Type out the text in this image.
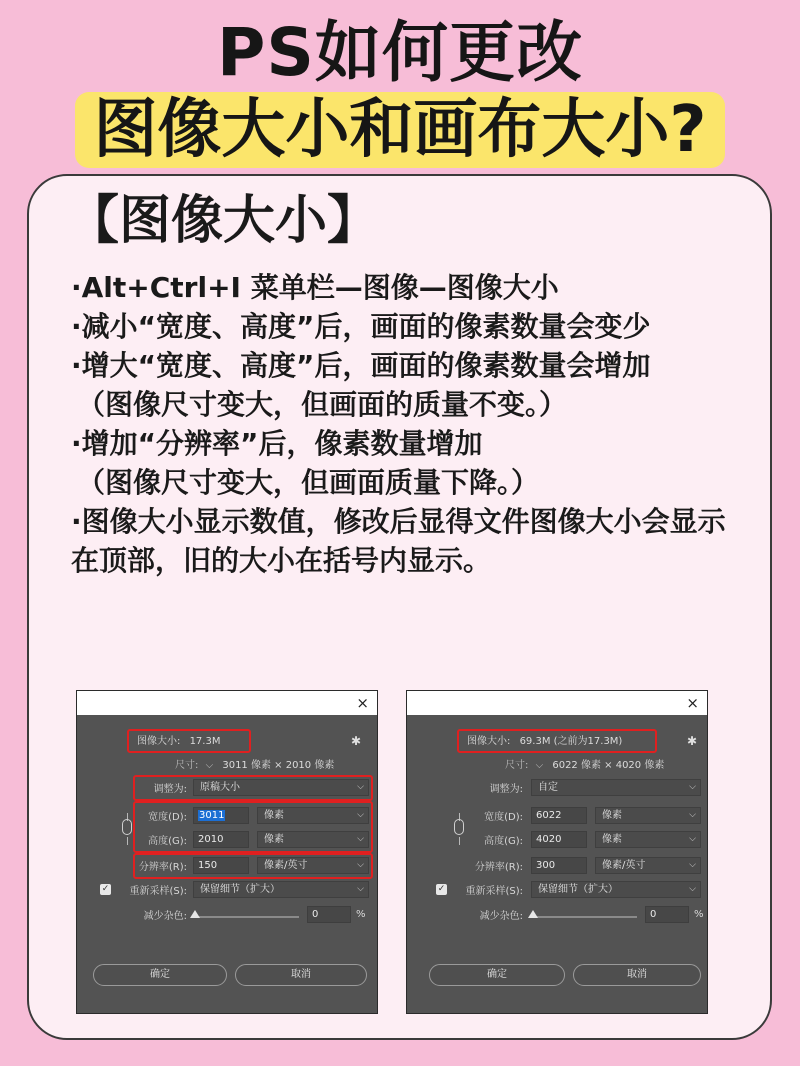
PS如何更改
图像大小和画布大小?
【图像大小】
·Alt+Ctrl+I 菜单栏—图像—图像大小
·减小“宽度、高度”后，画面的像素数量会变少
·增大“宽度、高度”后，画面的像素数量会增加
（图像尺寸变大，但画面的质量不变。）
·增加“分辨率”后，像素数量增加
（图像尺寸变大，但画面质量下降。）
·图像大小显示数值，修改后显得文件图像大小会显示在顶部，旧的大小在括号内显示。
×
图像大小: 17.3M	✱
尺寸: ⌵ 3011 像素 × 2010 像素
调整为:	原稿大小	⌵
宽度(D):	3011	像素	⌵
高度(G):	2010	像素	⌵
分辨率(R):	150	像素/英寸	⌵
✓	重新采样(S):	保留细节（扩大）	⌵
减少杂色:	0	%
确定	取消
×
图像大小: 69.3M (之前为17.3M)	✱
尺寸: ⌵ 6022 像素 × 4020 像素
调整为:	自定	⌵
宽度(D):	6022	像素	⌵
高度(G):	4020	像素	⌵
分辨率(R):	300	像素/英寸	⌵
✓	重新采样(S):	保留细节（扩大）	⌵
减少杂色:	0	%
确定	取消
